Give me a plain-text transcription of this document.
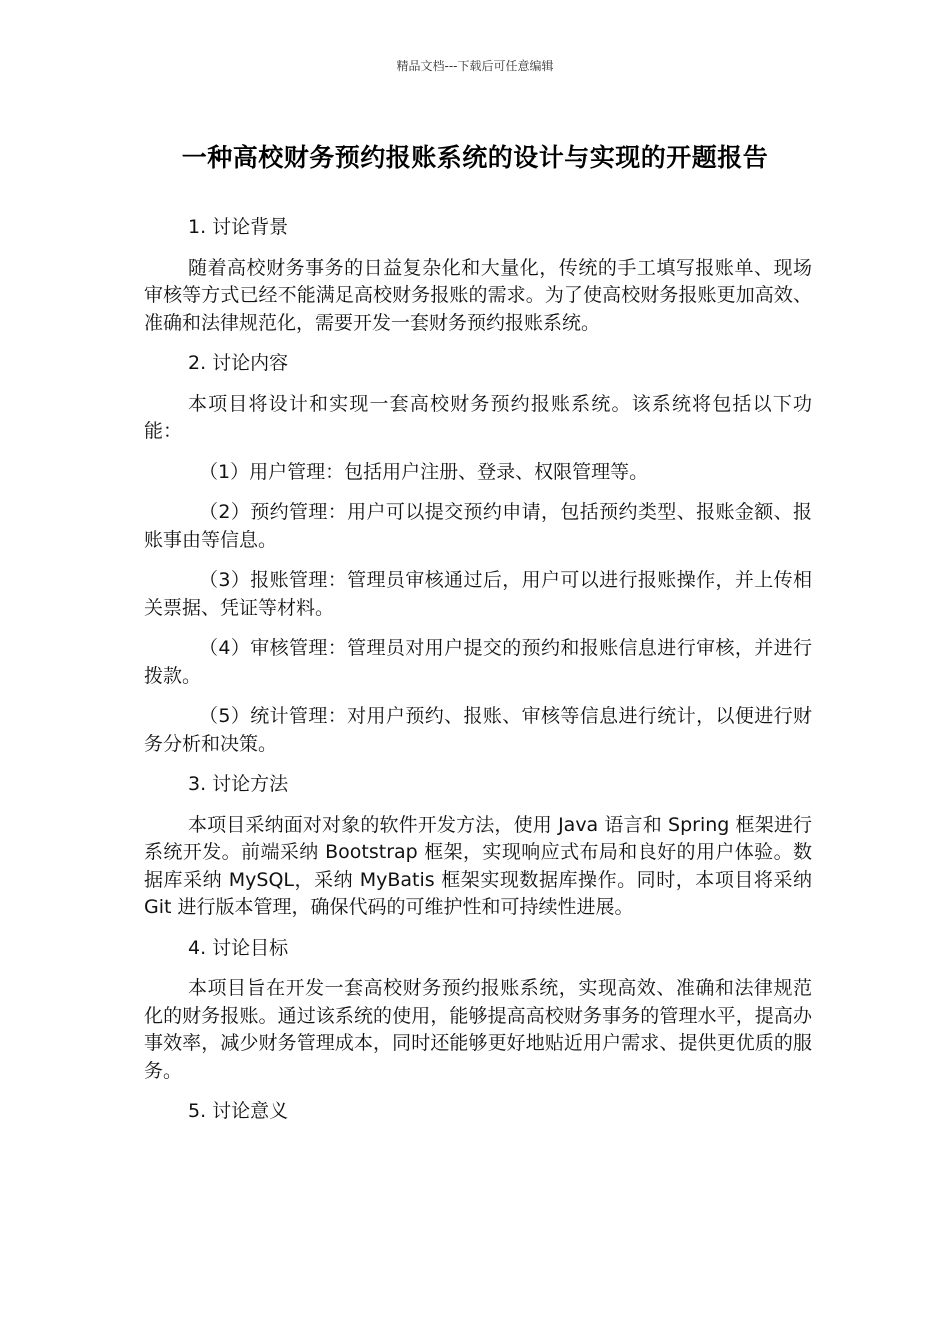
精品文档---下载后可任意编辑
一种高校财务预约报账系统的设计与实现的开题报告

1. 讨论背景

随着高校财务事务的日益复杂化和大量化，传统的手工填写报账单、现场审核等方式已经不能满足高校财务报账的需求。为了使高校财务报账更加高效、准确和法律规范化，需要开发一套财务预约报账系统。

2. 讨论内容

本项目将设计和实现一套高校财务预约报账系统。该系统将包括以下功能：

（1）用户管理：包括用户注册、登录、权限管理等。

（2）预约管理：用户可以提交预约申请，包括预约类型、报账金额、报账事由等信息。

（3）报账管理：管理员审核通过后，用户可以进行报账操作，并上传相关票据、凭证等材料。

（4）审核管理：管理员对用户提交的预约和报账信息进行审核，并进行拨款。

（5）统计管理：对用户预约、报账、审核等信息进行统计，以便进行财务分析和决策。

3. 讨论方法

本项目采纳面对对象的软件开发方法，使用 Java 语言和 Spring 框架进行系统开发。前端采纳 Bootstrap 框架，实现响应式布局和良好的用户体验。数据库采纳 MySQL，采纳 MyBatis 框架实现数据库操作。同时，本项目将采纳 Git 进行版本管理，确保代码的可维护性和可持续性进展。

4. 讨论目标

本项目旨在开发一套高校财务预约报账系统，实现高效、准确和法律规范化的财务报账。通过该系统的使用，能够提高高校财务事务的管理水平，提高办事效率，减少财务管理成本，同时还能够更好地贴近用户需求、提供更优质的服务。

5. 讨论意义
